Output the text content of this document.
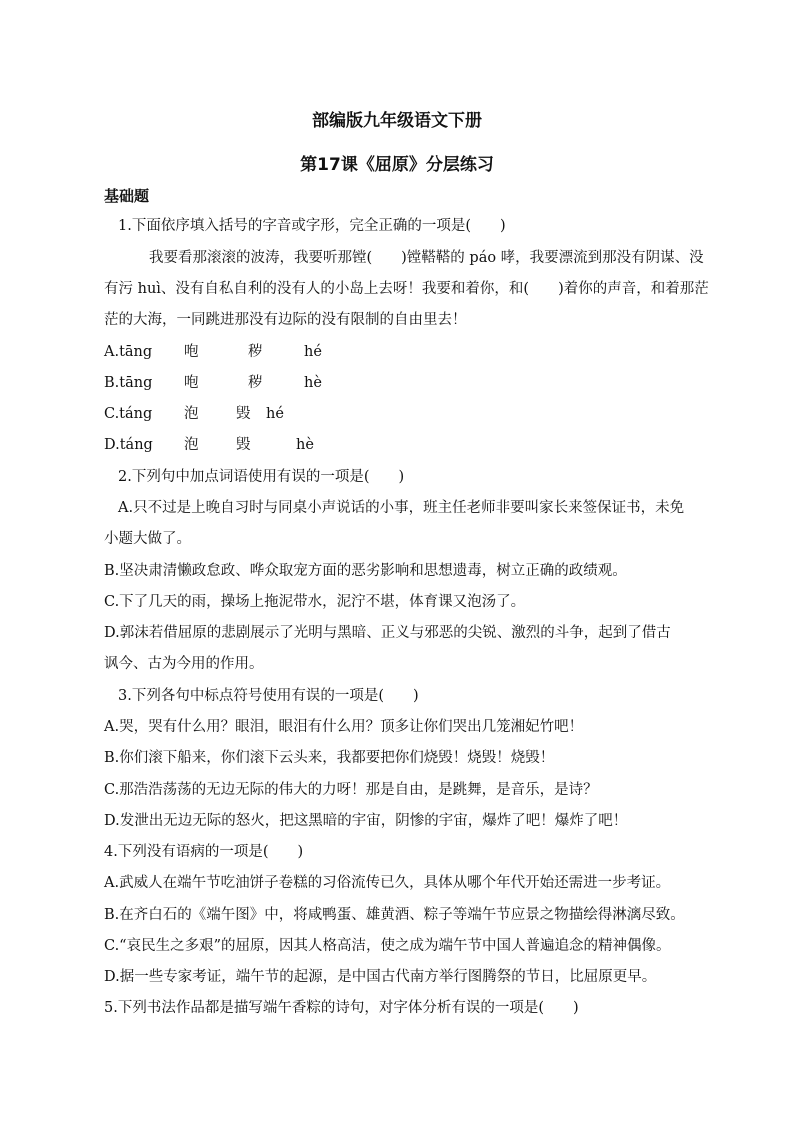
部编版九年级语文下册
第17课《屈原》分层练习
基础题
1.下面依序填入括号的字音或字形，完全正确的一项是(　　)
我要看那滚滚的波涛，我要听那镗(　　)镗鞳鞳的 páo 哮，我要漂流到那没有阴谋、没
有污 huì、没有自私自利的没有人的小岛上去呀！我要和着你，和(　　)着你的声音，和着那茫
茫的大海，一同跳进那没有边际的没有限制的自由里去！
A.tāng 咆	秽	hé
B.tāng 咆	秽	hè
C.táng 泡	毁 hé
D.táng 泡	毁	hè
2.下列句中加点词语使用有误的一项是(　　)
A.只不过是上晚自习时与同桌小声说话的小事，班主任老师非要叫家长来签保证书，未免
小题大做了。
B.坚决肃清懒政怠政、哗众取宠方面的恶劣影响和思想遗毒，树立正确的政绩观。
C.下了几天的雨，操场上拖泥带水，泥泞不堪，体育课又泡汤了。
D.郭沫若借屈原的悲剧展示了光明与黑暗、正义与邪恶的尖锐、激烈的斗争，起到了借古
讽今、古为今用的作用。
3.下列各句中标点符号使用有误的一项是(　　)
A.哭，哭有什么用？眼泪，眼泪有什么用？顶多让你们哭出几笼湘妃竹吧！
B.你们滚下船来，你们滚下云头来，我都要把你们烧毁！烧毁！烧毁！
C.那浩浩荡荡的无边无际的伟大的力呀！那是自由，是跳舞，是音乐，是诗？
D.发泄出无边无际的怒火，把这黑暗的宇宙，阴惨的宇宙，爆炸了吧！爆炸了吧！
4.下列没有语病的一项是(　　)
A.武威人在端午节吃油饼子卷糕的习俗流传已久，具体从哪个年代开始还需进一步考证。
B.在齐白石的《端午图》中，将咸鸭蛋、雄黄酒、粽子等端午节应景之物描绘得淋漓尽致。
C.“哀民生之多艰”的屈原，因其人格高洁，使之成为端午节中国人普遍追念的精神偶像。
D.据一些专家考证，端午节的起源，是中国古代南方举行图腾祭的节日，比屈原更早。
5.下列书法作品都是描写端午香粽的诗句，对字体分析有误的一项是(　　)
